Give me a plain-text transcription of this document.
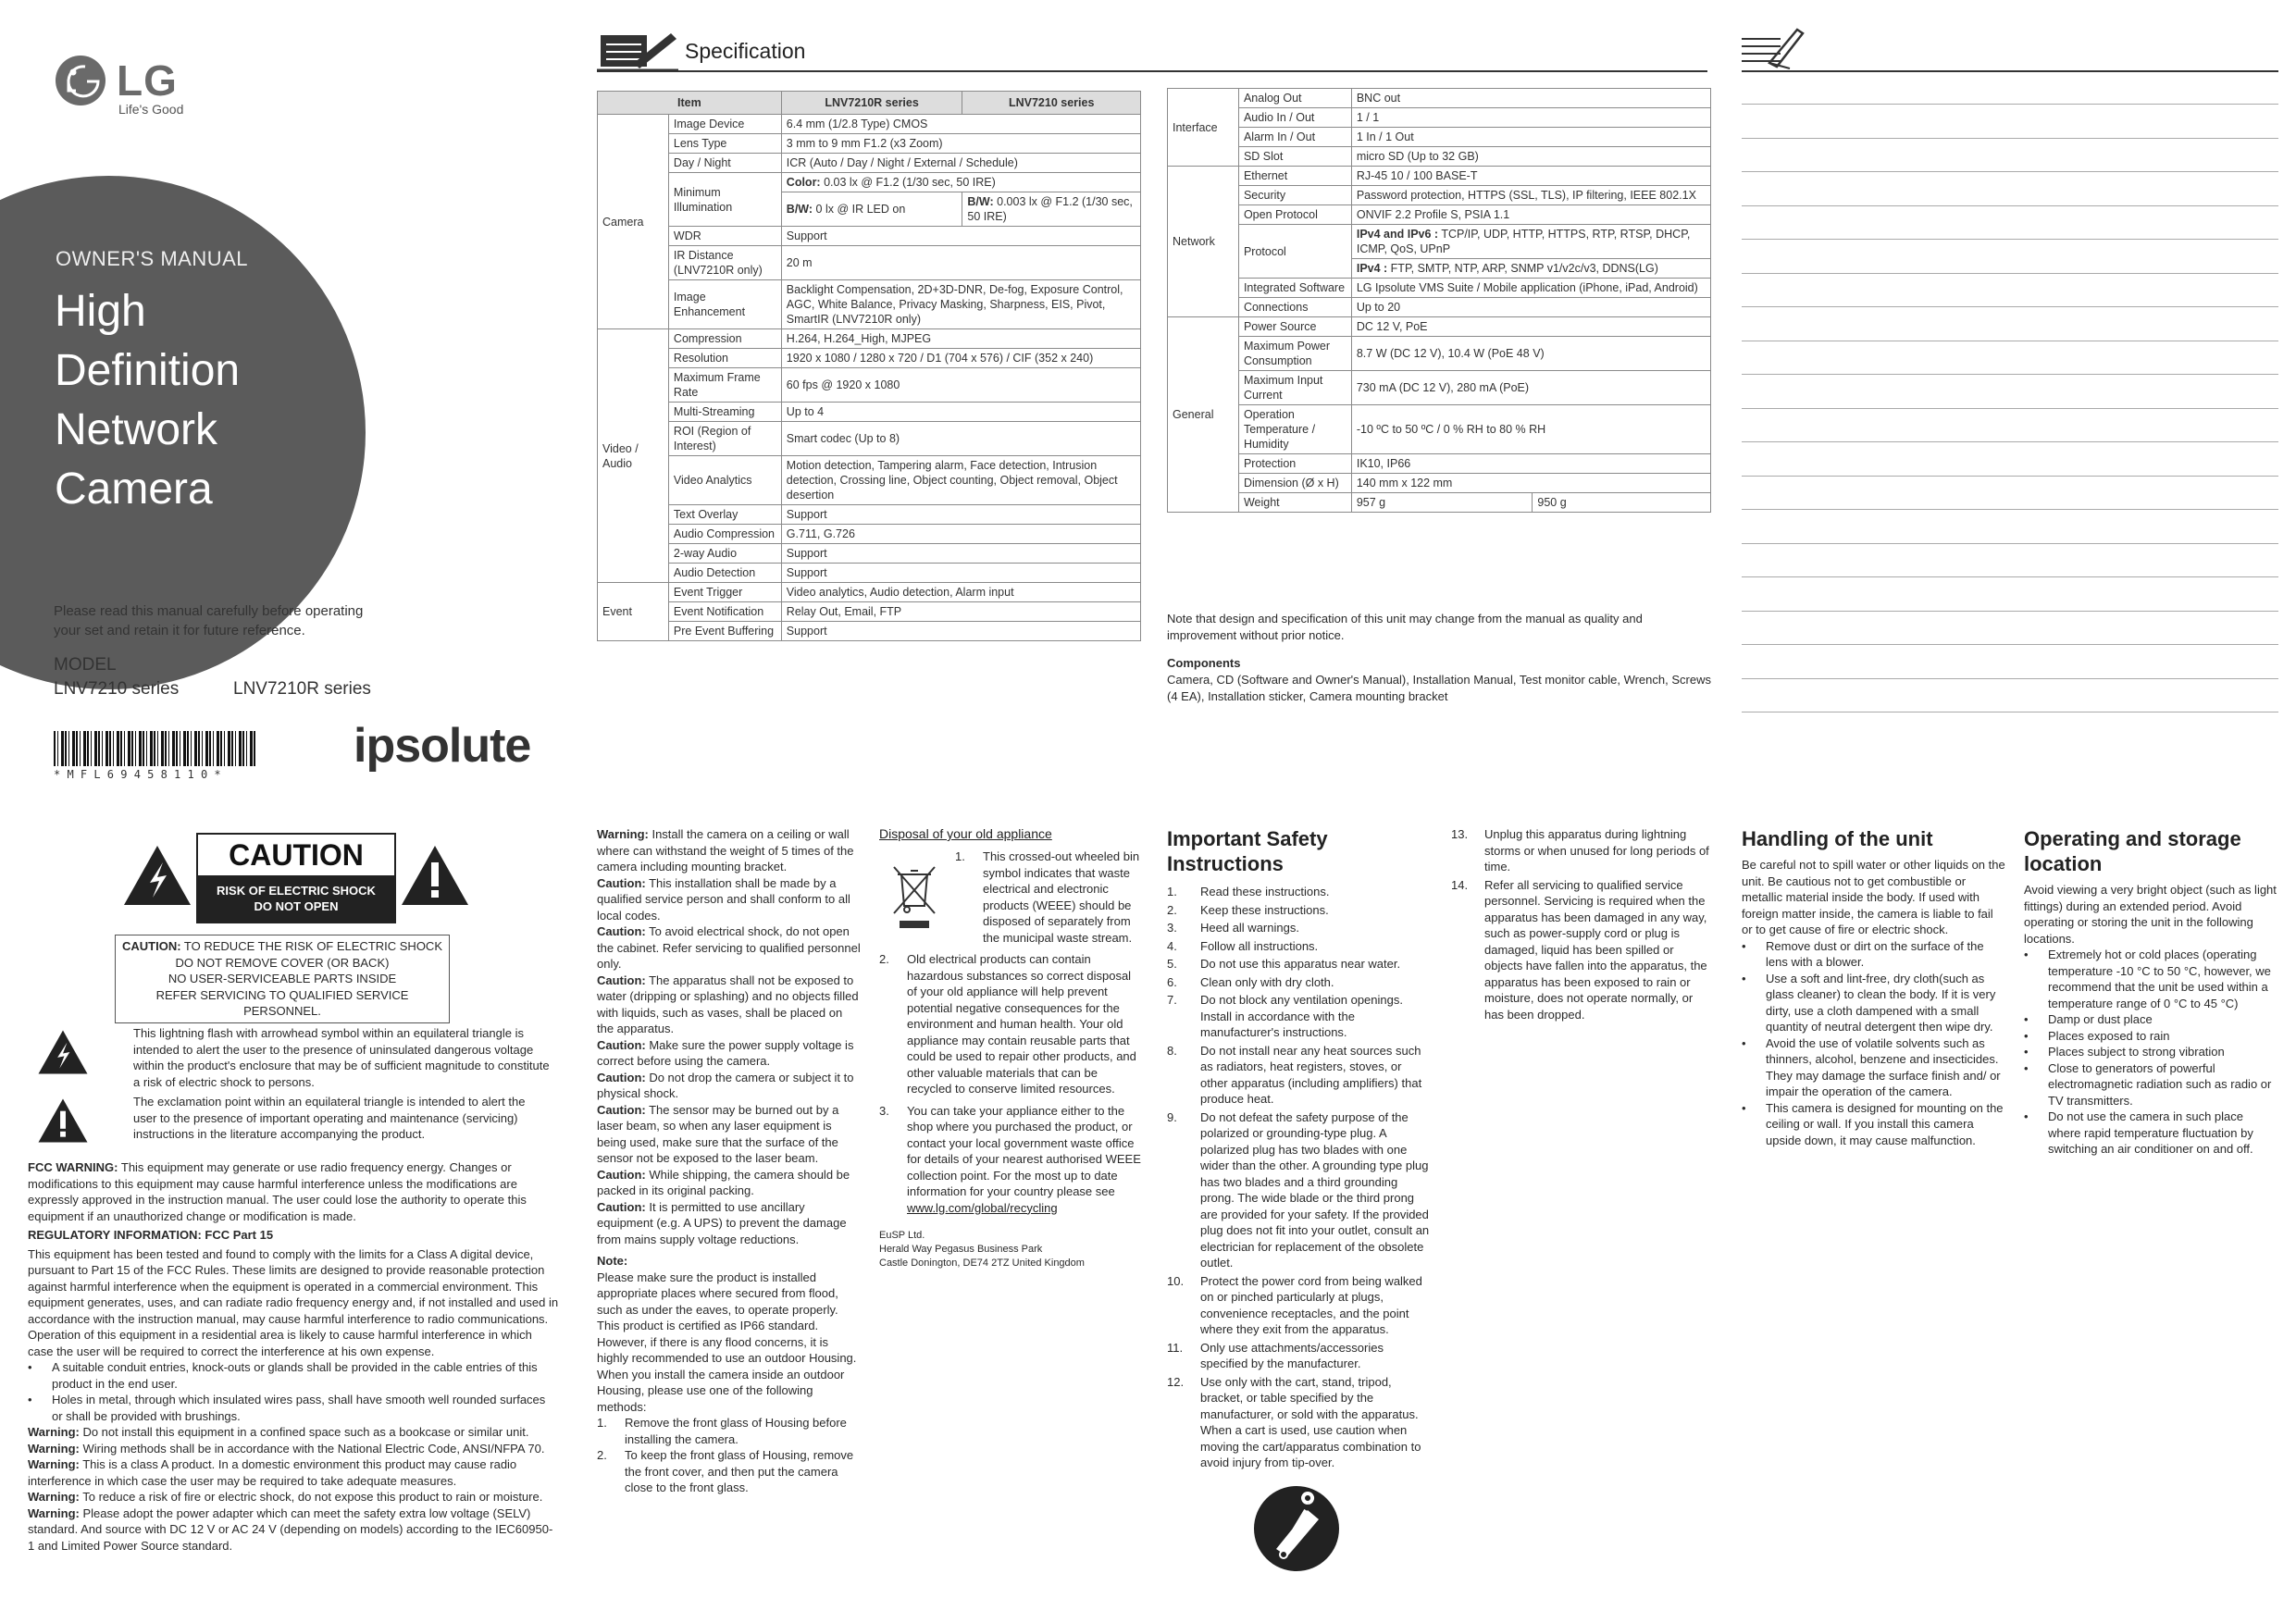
LG
Life's Good
OWNER'S MANUAL
High
Definition
Network
Camera
Please read this manual carefully before operating your set and retain it for future reference.
MODEL
LNV7210 series	LNV7210R series
* M F L 6 9 4 5 8 1 1 0 *
ipsolute
Specification
Item		LNV7210R series	LNV7210 series
Camera	Image Device	6.4 mm (1/2.8 Type) CMOS	
	Lens Type	3 mm to 9 mm F1.2 (x3 Zoom)	
	Day / Night	ICR (Auto / Day / Night / External / Schedule)	
	Minimum Illumination	Color: 0.03 lx @ F1.2 (1/30 sec, 50 IRE)	
		B/W: 0 lx @ IR LED on	B/W: 0.003 lx @ F1.2 (1/30 sec, 50 IRE)
	WDR	Support	
	IR Distance (LNV7210R only)	20 m	
	Image Enhancement	Backlight Compensation, 2D+3D-DNR, De-fog, Exposure Control, AGC, White Balance, Privacy Masking, Sharpness, EIS, Pivot, SmartIR (LNV7210R only)	
Video / Audio	Compression	H.264, H.264_High, MJPEG	
	Resolution	1920 x 1080 / 1280 x 720 / D1 (704 x 576) / CIF (352 x 240)	
	Maximum Frame Rate	60 fps @ 1920 x 1080	
	Multi-Streaming	Up to 4	
	ROI (Region of Interest)	Smart codec (Up to 8)	
	Video Analytics	Motion detection, Tampering alarm, Face detection, Intrusion detection, Crossing line, Object counting, Object removal, Object desertion	
	Text Overlay	Support	
	Audio Compression	G.711, G.726	
	2-way Audio	Support	
	Audio Detection	Support	
Event	Event Trigger	Video analytics, Audio detection, Alarm input	
	Event Notification	Relay Out, Email, FTP	
	Pre Event Buffering	Support	
Interface	Analog Out	BNC out	
	Audio In / Out	1 / 1	
	Alarm In / Out	1 In / 1 Out	
	SD Slot	micro SD (Up to 32 GB)	
Network	Ethernet	RJ-45 10 / 100 BASE-T	
	Security	Password protection, HTTPS (SSL, TLS), IP filtering, IEEE 802.1X	
	Open Protocol	ONVIF 2.2 Profile S, PSIA 1.1	
	Protocol	IPv4 and IPv6 : TCP/IP, UDP, HTTP, HTTPS, RTP, RTSP, DHCP, ICMP, QoS, UPnP	
		IPv4 : FTP, SMTP, NTP, ARP, SNMP v1/v2c/v3, DDNS(LG)	
	Integrated Software	LG Ipsolute VMS Suite / Mobile application (iPhone, iPad, Android)	
	Connections	Up to 20	
General	Power Source	DC 12 V, PoE	
	Maximum Power Consumption	8.7 W (DC 12 V), 10.4 W (PoE 48 V)	
	Maximum Input Current	730 mA (DC 12 V), 280 mA (PoE)	
	Operation Temperature / Humidity	-10 ºC to 50 ºC / 0 % RH to 80 % RH	
	Protection	IK10, IP66	
	Dimension (Ø x H)	140 mm x 122 mm	
	Weight	957 g	950 g
Note that design and specification of this unit may change from the manual as quality and improvement without prior notice.
Components
Camera, CD (Software and Owner's Manual), Installation Manual, Test monitor cable, Wrench, Screws (4 EA), Installation sticker, Camera mounting bracket
CAUTION
RISK OF ELECTRIC SHOCK
DO NOT OPEN
CAUTION: TO REDUCE THE RISK OF ELECTRIC SHOCK
DO NOT REMOVE COVER (OR BACK)
NO USER-SERVICEABLE PARTS INSIDE
REFER SERVICING TO QUALIFIED SERVICE PERSONNEL.
This lightning flash with arrowhead symbol within an equilateral triangle is intended to alert the user to the presence of uninsulated dangerous voltage within the product's enclosure that may be of sufficient magnitude to constitute a risk of electric shock to persons.
The exclamation point within an equilateral triangle is intended to alert the user to the presence of important operating and maintenance (servicing) instructions in the literature accompanying the product.
FCC WARNING: This equipment may generate or use radio frequency energy. Changes or modifications to this equipment may cause harmful interference unless the modifications are expressly approved in the instruction manual. The user could lose the authority to operate this equipment if an unauthorized change or modification is made.
REGULATORY INFORMATION: FCC Part 15
This equipment has been tested and found to comply with the limits for a Class A digital device, pursuant to Part 15 of the FCC Rules. These limits are designed to provide reasonable protection against harmful interference when the equipment is operated in a commercial environment. This equipment generates, uses, and can radiate radio frequency energy and, if not installed and used in accordance with the instruction manual, may cause harmful interference to radio communications.
Operation of this equipment in a residential area is likely to cause harmful interference in which case the user will be required to correct the interference at his own expense.
•	A suitable conduit entries, knock-outs or glands shall be provided in the cable entries of this product in the end user.
•	Holes in metal, through which insulated wires pass, shall have smooth well rounded surfaces or shall be provided with brushings.
Warning: Do not install this equipment in a confined space such as a bookcase or similar unit.
Warning: Wiring methods shall be in accordance with the National Electric Code, ANSI/NFPA 70.
Warning: This is a class A product. In a domestic environment this product may cause radio interference in which case the user may be required to take adequate measures.
Warning: To reduce a risk of fire or electric shock, do not expose this product to rain or moisture.
Warning: Please adopt the power adapter which can meet the safety extra low voltage (SELV) standard. And source with DC 12 V or AC 24 V (depending on models) according to the IEC60950-1 and Limited Power Source standard.
Warning: Install the camera on a ceiling or wall where can withstand the weight of 5 times of the camera including mounting bracket.
Caution: This installation shall be made by a qualified service person and shall conform to all local codes.
Caution: To avoid electrical shock, do not open the cabinet. Refer servicing to qualified personnel only.
Caution: The apparatus shall not be exposed to water (dripping or splashing) and no objects filled with liquids, such as vases, shall be placed on the apparatus.
Caution: Make sure the power supply voltage is correct before using the camera.
Caution: Do not drop the camera or subject it to physical shock.
Caution: The sensor may be burned out by a laser beam, so when any laser equipment is being used, make sure that the surface of the sensor not be exposed to the laser beam.
Caution: While shipping, the camera should be packed in its original packing.
Caution: It is permitted to use ancillary equipment (e.g. A UPS) to prevent the damage from mains supply voltage reductions.
Note:
Please make sure the product is installed appropriate places where secured from flood, such as under the eaves, to operate properly. This product is certified as IP66 standard. However, if there is any flood concerns, it is highly recommended to use an outdoor Housing. When you install the camera inside an outdoor Housing, please use one of the following methods:
1.	Remove the front glass of Housing before installing the camera.
2.	To keep the front glass of Housing, remove the front cover, and then put the camera close to the front glass.
Disposal of your old appliance
1.	This crossed-out wheeled bin symbol indicates that waste electrical and electronic products (WEEE) should be disposed of separately from the municipal waste stream.
2.	Old electrical products can contain hazardous substances so correct disposal of your old appliance will help prevent potential negative consequences for the environment and human health. Your old appliance may contain reusable parts that could be used to repair other products, and other valuable materials that can be recycled to conserve limited resources.
3.	You can take your appliance either to the shop where you purchased the product, or contact your local government waste office for details of your nearest authorised WEEE collection point. For the most up to date information for your country please see www.lg.com/global/recycling
EuSP Ltd.
Herald Way Pegasus Business Park
Castle Donington, DE74 2TZ United Kingdom
Important Safety Instructions
1.	Read these instructions.
2.	Keep these instructions.
3.	Heed all warnings.
4.	Follow all instructions.
5.	Do not use this apparatus near water.
6.	Clean only with dry cloth.
7.	Do not block any ventilation openings. Install in accordance with the manufacturer's instructions.
8.	Do not install near any heat sources such as radiators, heat registers, stoves, or other apparatus (including amplifiers) that produce heat.
9.	Do not defeat the safety purpose of the polarized or grounding-type plug. A polarized plug has two blades with one wider than the other. A grounding type plug has two blades and a third grounding prong. The wide blade or the third prong are provided for your safety. If the provided plug does not fit into your outlet, consult an electrician for replacement of the obsolete outlet.
10.	Protect the power cord from being walked on or pinched particularly at plugs, convenience receptacles, and the point where they exit from the apparatus.
11.	Only use attachments/accessories specified by the manufacturer.
12.	Use only with the cart, stand, tripod, bracket, or table specified by the manufacturer, or sold with the apparatus. When a cart is used, use caution when moving the cart/apparatus combination to avoid injury from tip-over.
13.	Unplug this apparatus during lightning storms or when unused for long periods of time.
14.	Refer all servicing to qualified service personnel. Servicing is required when the apparatus has been damaged in any way, such as power-supply cord or plug is damaged, liquid has been spilled or objects have fallen into the apparatus, the apparatus has been exposed to rain or moisture, does not operate normally, or has been dropped.
Handling of the unit
Be careful not to spill water or other liquids on the unit. Be cautious not to get combustible or metallic material inside the body. If used with foreign matter inside, the camera is liable to fail or to get cause of fire or electric shock.
•	Remove dust or dirt on the surface of the lens with a blower.
•	Use a soft and lint-free, dry cloth(such as glass cleaner) to clean the body. If it is very dirty, use a cloth dampened with a small quantity of neutral detergent then wipe dry.
•	Avoid the use of volatile solvents such as thinners, alcohol, benzene and insecticides.
They may damage the surface finish and/ or impair the operation of the camera.
•	This camera is designed for mounting on the ceiling or wall. If you install this camera upside down, it may cause malfunction.
Operating and storage location
Avoid viewing a very bright object (such as light fittings) during an extended period. Avoid operating or storing the unit in the following locations.
•	Extremely hot or cold places (operating temperature -10 °C to 50 °C, however, we recommend that the unit be used within a temperature range of 0 °C to 45 °C)
•	Damp or dust place
•	Places exposed to rain
•	Places subject to strong vibration
•	Close to generators of powerful electromagnetic radiation such as radio or TV transmitters.
•	Do not use the camera in such place where rapid temperature fluctuation by switching an air conditioner on and off.
